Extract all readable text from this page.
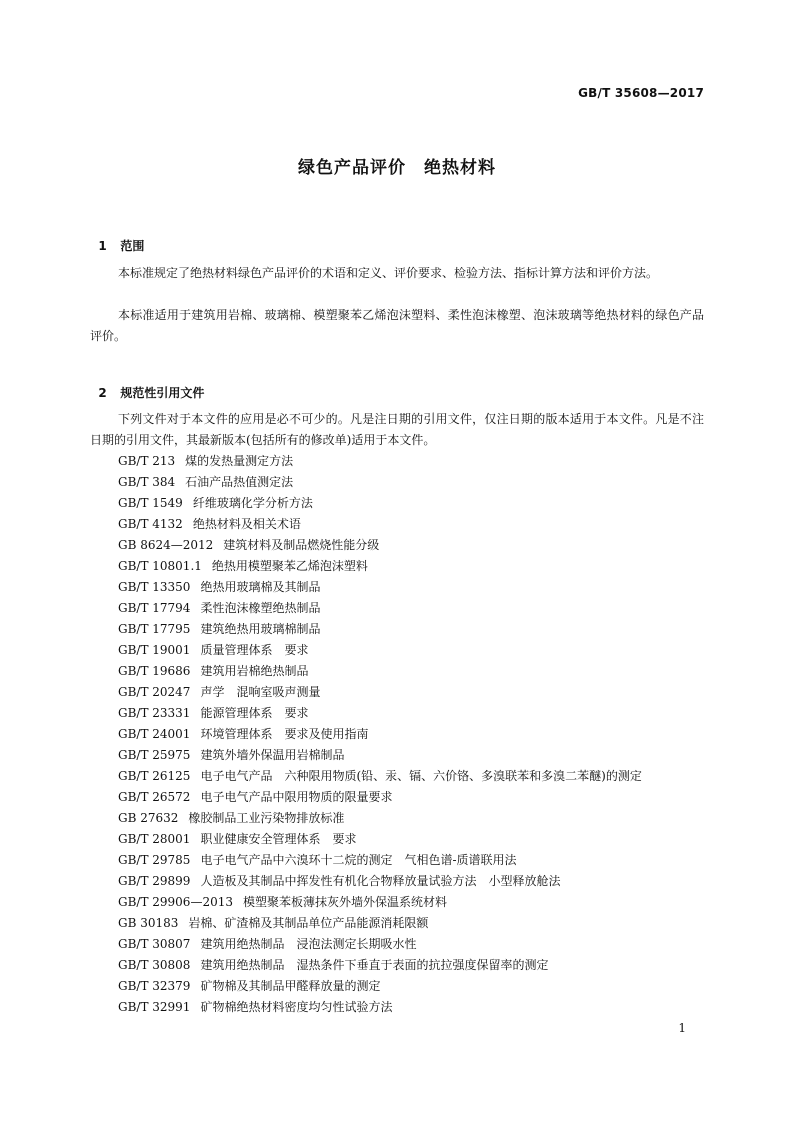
GB/T 35608—2017
绿色产品评价　绝热材料

1 范围

本标准规定了绝热材料绿色产品评价的术语和定义、评价要求、检验方法、指标计算方法和评价方法。

本标准适用于建筑用岩棉、玻璃棉、模塑聚苯乙烯泡沫塑料、柔性泡沫橡塑、泡沫玻璃等绝热材料的绿色产品评价。

2 规范性引用文件

下列文件对于本文件的应用是必不可少的。凡是注日期的引用文件，仅注日期的版本适用于本文件。凡是不注日期的引用文件，其最新版本(包括所有的修改单)适用于本文件。

GB/T 213 煤的发热量测定方法
GB/T 384 石油产品热值测定法
GB/T 1549 纤维玻璃化学分析方法
GB/T 4132 绝热材料及相关术语
GB 8624—2012 建筑材料及制品燃烧性能分级
GB/T 10801.1 绝热用模塑聚苯乙烯泡沫塑料
GB/T 13350 绝热用玻璃棉及其制品
GB/T 17794 柔性泡沫橡塑绝热制品
GB/T 17795 建筑绝热用玻璃棉制品
GB/T 19001 质量管理体系　要求
GB/T 19686 建筑用岩棉绝热制品
GB/T 20247 声学　混响室吸声测量
GB/T 23331 能源管理体系　要求
GB/T 24001 环境管理体系　要求及使用指南
GB/T 25975 建筑外墙外保温用岩棉制品
GB/T 26125 电子电气产品　六种限用物质(铅、汞、镉、六价铬、多溴联苯和多溴二苯醚)的测定
GB/T 26572 电子电气产品中限用物质的限量要求
GB 27632 橡胶制品工业污染物排放标准
GB/T 28001 职业健康安全管理体系　要求
GB/T 29785 电子电气产品中六溴环十二烷的测定　气相色谱-质谱联用法
GB/T 29899 人造板及其制品中挥发性有机化合物释放量试验方法　小型释放舱法
GB/T 29906—2013 模塑聚苯板薄抹灰外墙外保温系统材料
GB 30183 岩棉、矿渣棉及其制品单位产品能源消耗限额
GB/T 30807 建筑用绝热制品　浸泡法测定长期吸水性
GB/T 30808 建筑用绝热制品　湿热条件下垂直于表面的抗拉强度保留率的测定
GB/T 32379 矿物棉及其制品甲醛释放量的测定
GB/T 32991 矿物棉绝热材料密度均匀性试验方法
1
